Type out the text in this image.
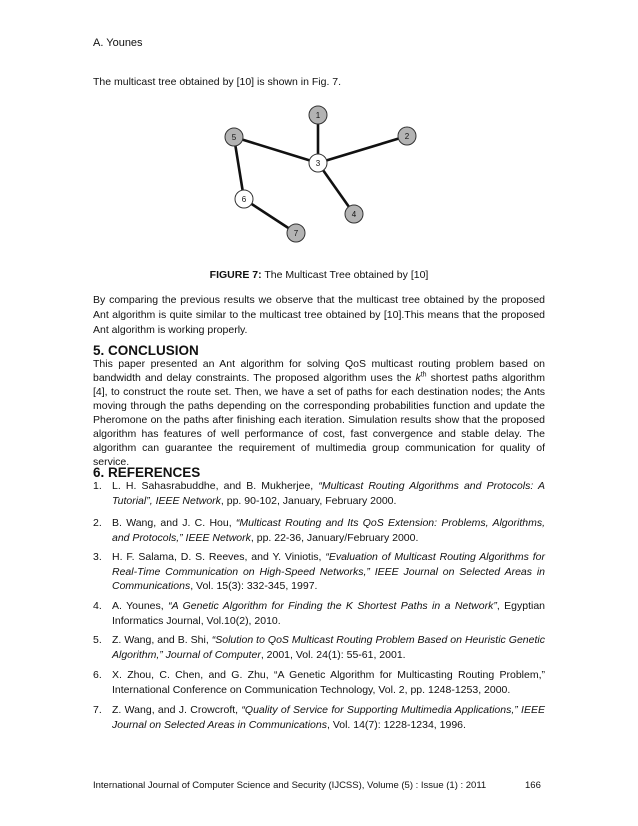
A. Younes
The multicast tree obtained by [10] is shown in Fig. 7.
1
2
3
4
5
6
7
FIGURE 7: The Multicast Tree obtained by [10]
By comparing the previous results we observe that the multicast tree obtained by the proposed
Ant algorithm is quite similar to the multicast tree obtained by [10].This means that the proposed
Ant algorithm is working properly.
5. CONCLUSION
This paper presented an Ant algorithm for solving QoS multicast routing problem based on bandwidth and delay constraints. The proposed algorithm uses the $k^{th}$ shortest paths algorithm [4], to construct the route set. Then, we have a set of paths for each destination nodes; the Ants moving through the paths depending on the corresponding probabilities function and update the Pheromone on the paths after finishing each iteration. Simulation results show that the proposed algorithm has features of well performance of cost, fast convergence and stable delay. The algorithm can guarantee the requirement of multimedia group communication for quality of service.
6. REFERENCES
1. L. H. Sahasrabuddhe, and B. Mukherjee, “Multicast Routing Algorithms and Protocols: A Tutorial”, IEEE Network, pp. 90-102, January, February 2000.
2. B. Wang, and J. C. Hou, “Multicast Routing and Its QoS Extension: Problems, Algorithms, and Protocols,” IEEE Network, pp. 22-36, January/February 2000.
3. H. F. Salama, D. S. Reeves, and Y. Viniotis, “Evaluation of Multicast Routing Algorithms for Real-Time Communication on High-Speed Networks,” IEEE Journal on Selected Areas in Communications, Vol. 15(3): 332-345, 1997.
4. A. Younes, “A Genetic Algorithm for Finding the K Shortest Paths in a Network”, Egyptian Informatics Journal, Vol.10(2), 2010.
5. Z. Wang, and B. Shi, “Solution to QoS Multicast Routing Problem Based on Heuristic Genetic Algorithm,” Journal of Computer, 2001, Vol. 24(1): 55-61, 2001.
6. X. Zhou, C. Chen, and G. Zhu, “A Genetic Algorithm for Multicasting Routing Problem,” International Conference on Communication Technology, Vol. 2, pp. 1248-1253, 2000.
7. Z. Wang, and J. Crowcroft, “Quality of Service for Supporting Multimedia Applications,” IEEE Journal on Selected Areas in Communications, Vol. 14(7): 1228-1234, 1996.
International Journal of Computer Science and Security (IJCSS), Volume (5) : Issue (1) : 2011	166
